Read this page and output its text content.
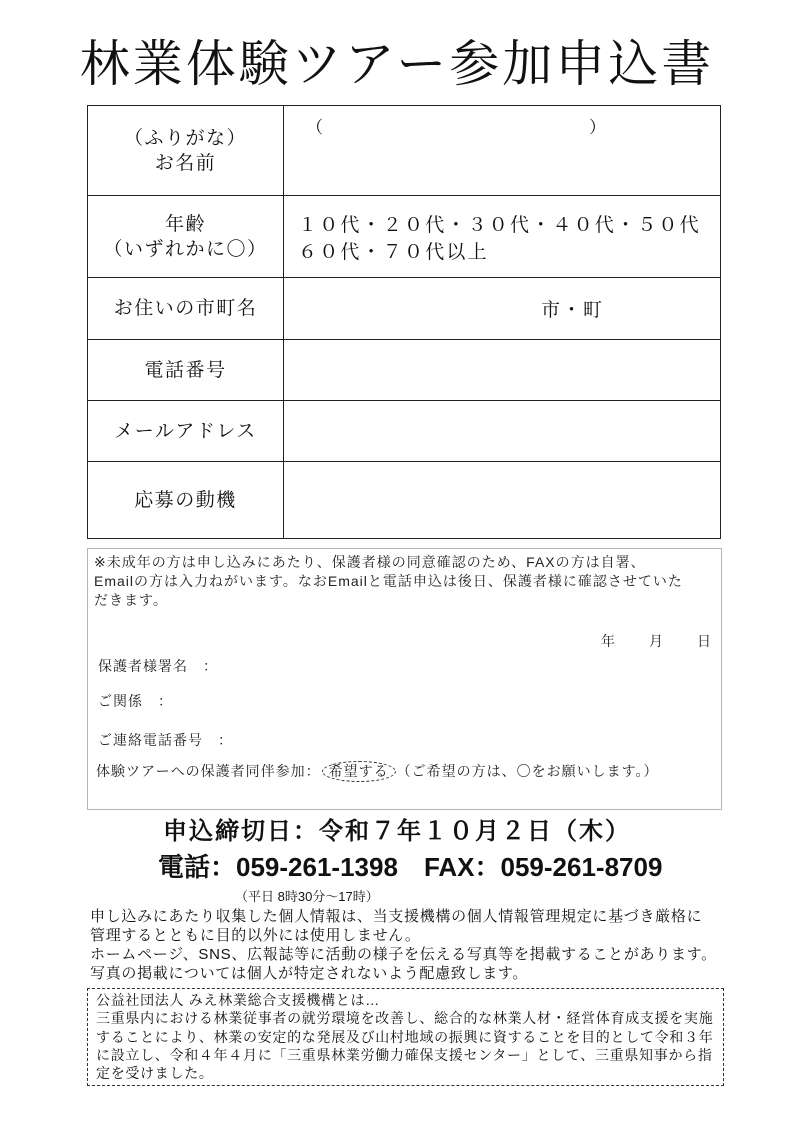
林業体験ツアー参加申込書
（ふりがな）
お名前
（	）
年齢
（いずれかに〇）
１０代・２０代・３０代・４０代・５０代
６０代・７０代以上
お住いの市町名	市・町
電話番号
メールアドレス
応募の動機
※未成年の方は申し込みにあたり、保護者様の同意確認のため、FAXの方は自署、
Emailの方は入力ねがいます。なおEmailと電話申込は後日、保護者様に確認させていた
だきます。
年 月 日
保護者様署名　：
ご関係　：
ご連絡電話番号　：
体験ツアーへの保護者同伴参加： 希望する （ご希望の方は、〇をお願いします。）
申込締切日：令和７年１０月２日（木）
電話： 059-261-1398 FAX： 059-261-8709
（平日 8時30分～17時）
申し込みにあたり収集した個人情報は、当支援機構の個人情報管理規定に基づき厳格に
管理するとともに目的以外には使用しません。
ホームページ、SNS、広報誌等に活動の様子を伝える写真等を掲載することがあります。
写真の掲載については個人が特定されないよう配慮致します。
公益社団法人 みえ林業総合支援機構とは…
三重県内における林業従事者の就労環境を改善し、総合的な林業人材・経営体育成支援を実施
することにより、林業の安定的な発展及び山村地域の振興に資することを目的として令和３年
に設立し、令和４年４月に「三重県林業労働力確保支援センター」として、三重県知事から指
定を受けました。
